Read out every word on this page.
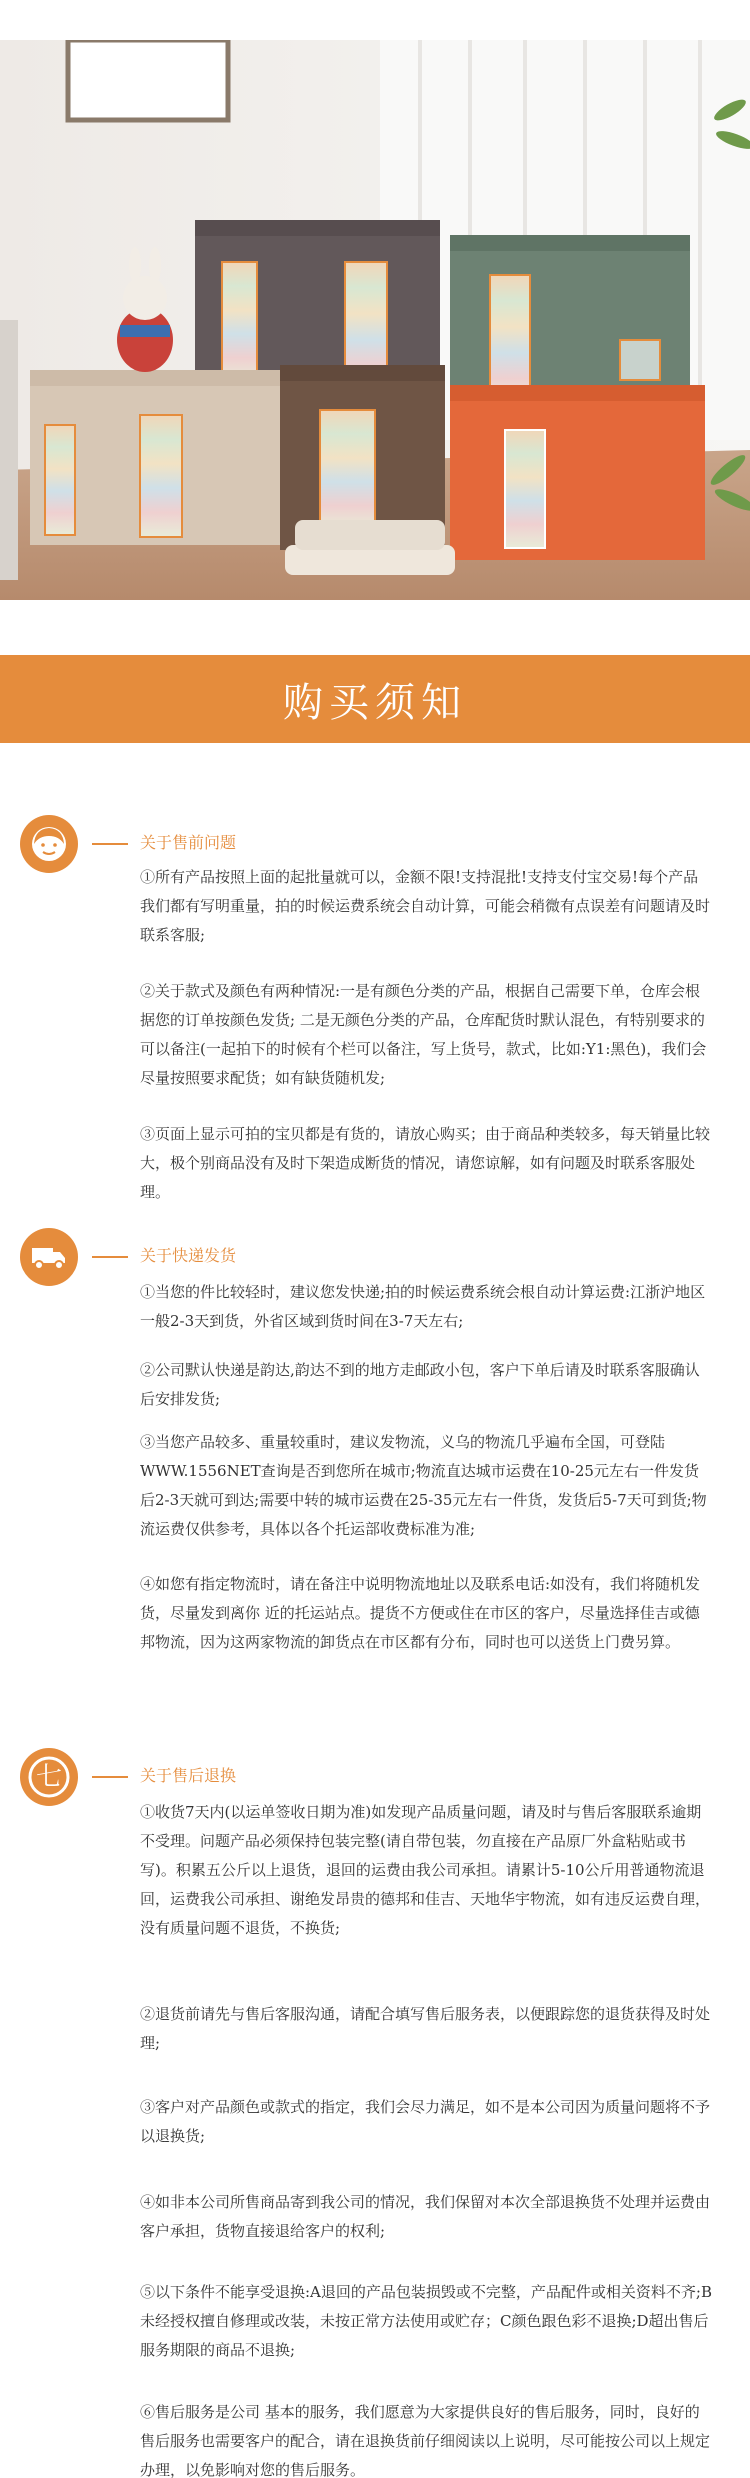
购买须知
关于售前问题

①所有产品按照上面的起批量就可以，金额不限!支持混批!支持支付宝交易!每个产品我们都有写明重量，拍的时候运费系统会自动计算，可能会稍微有点误差有问题请及时联系客服;

②关于款式及颜色有两种情况:一是有颜色分类的产品，根据自己需要下单，仓库会根据您的订单按颜色发货; 二是无颜色分类的产品，仓库配货时默认混色，有特别要求的可以备注(一起拍下的时候有个栏可以备注，写上货号，款式，比如:Y1:黑色)，我们会尽量按照要求配货；如有缺货随机发;

③页面上显示可拍的宝贝都是有货的，请放心购买；由于商品种类较多，每天销量比较大，极个别商品没有及时下架造成断货的情况，请您谅解，如有问题及时联系客服处理。

关于快递发货

①当您的件比较轻时，建议您发快递;拍的时候运费系统会根自动计算运费:江浙沪地区一般2-3天到货，外省区域到货时间在3-7天左右;

②公司默认快递是韵达,韵达不到的地方走邮政小包，客户下单后请及时联系客服确认后安排发货;

③当您产品较多、重量较重时，建议发物流，义乌的物流几乎遍布全国，可登陆WWW.1556NET查询是否到您所在城市;物流直达城市运费在10-25元左右一件发货后2-3天就可到达;需要中转的城市运费在25-35元左右一件货，发货后5-7天可到货;物流运费仅供参考，具体以各个托运部收费标准为准;

④如您有指定物流时，请在备注中说明物流地址以及联系电话:如没有，我们将随机发货，尽量发到离你 近的托运站点。提货不方便或住在市区的客户，尽量选择佳吉或德邦物流，因为这两家物流的卸货点在市区都有分布，同时也可以送货上门费另算。

七	关于售后退换

①收货7天内(以运单签收日期为准)如发现产品质量问题，请及时与售后客服联系逾期不受理。问题产品必须保持包装完整(请自带包装，勿直接在产品原厂外盒粘贴或书写)。积累五公斤以上退货，退回的运费由我公司承担。请累计5-10公斤用普通物流退回，运费我公司承担、谢绝发昂贵的德邦和佳吉、天地华宇物流，如有违反运费自理，没有质量问题不退货，不换货;

②退货前请先与售后客服沟通，请配合填写售后服务表，以便跟踪您的退货获得及时处理;

③客户对产品颜色或款式的指定，我们会尽力满足，如不是本公司因为质量问题将不予以退换货;

④如非本公司所售商品寄到我公司的情况，我们保留对本次全部退换货不处理并运费由客户承担，货物直接退给客户的权利;

⑤以下条件不能享受退换:A退回的产品包装损毁或不完整，产品配件或相关资料不齐;B未经授权擅自修理或改装，未按正常方法使用或贮存；C颜色跟色彩不退换;D超出售后服务期限的商品不退换;

⑥售后服务是公司 基本的服务，我们愿意为大家提供良好的售后服务，同时，良好的售后服务也需要客户的配合，请在退换货前仔细阅读以上说明，尽可能按公司以上规定办理，以免影响对您的售后服务。
